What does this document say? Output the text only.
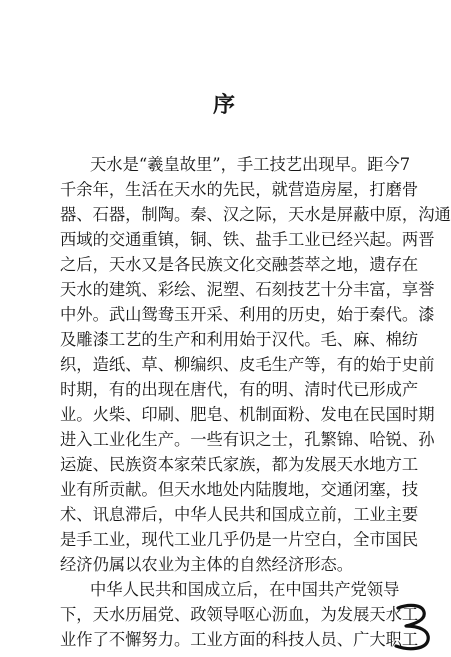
序
天水是“羲皇故里”，手工技艺出现早。距今7
千余年，生活在天水的先民，就营造房屋，打磨骨
器、石器，制陶。秦、汉之际，天水是屏蔽中原，沟通
西域的交通重镇，铜、铁、盐手工业已经兴起。两晋
之后，天水又是各民族文化交融荟萃之地，遗存在
天水的建筑、彩绘、泥塑、石刻技艺十分丰富，享誉
中外。武山鸳鸯玉开采、利用的历史，始于秦代。漆
及雕漆工艺的生产和利用始于汉代。毛、麻、棉纺
织，造纸、草、柳编织、皮毛生产等，有的始于史前
时期，有的出现在唐代，有的明、清时代已形成产
业。火柴、印刷、肥皂、机制面粉、发电在民国时期
进入工业化生产。一些有识之士，孔繁锦、哈锐、孙
运旋、民族资本家荣氏家族，都为发展天水地方工
业有所贡献。但天水地处内陆腹地，交通闭塞，技
术、讯息滞后，中华人民共和国成立前，工业主要
是手工业，现代工业几乎仍是一片空白，全市国民
经济仍属以农业为主体的自然经济形态。
中华人民共和国成立后，在中国共产党领导
下，天水历届党、政领导呕心沥血，为发展天水工
业作了不懈努力。工业方面的科技人员、广大职工
